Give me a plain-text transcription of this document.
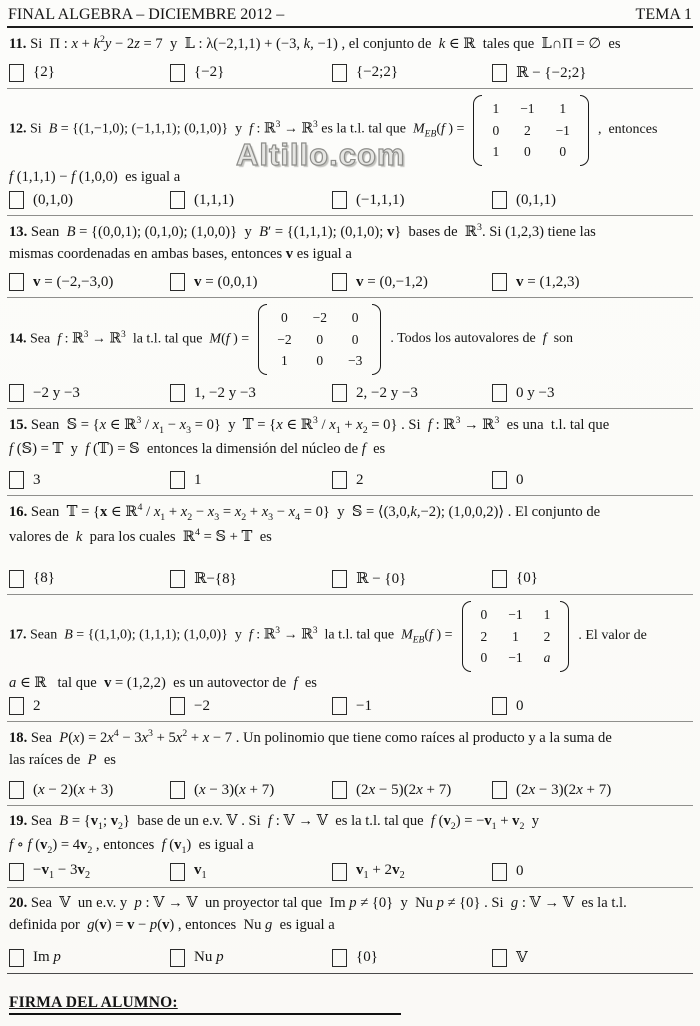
FINAL ALGEBRA – DICIEMBRE 2012 –	TEMA 1
Altillo.com
11. Si  Π : $x + k^2y - 2z = 7$  y  𝕃 : λ(−2,1,1) + (−3, k, −1) , el conjunto de  k ∈ ℝ  tales que  𝕃∩Π = ∅  es
{2}	{−2}	{−2;2}	ℝ − {−2;2}
12. Si  B = {(1,−1,0); (−1,1,1); (0,1,0)}  y  f : ℝ$^3$ → ℝ$^3$ es la t.l. tal que  $M_{EB}(f$ ) =
1 −1 1
0 2 −1
1 0 0
,  entonces
f (1,1,1) − f (1,0,0)  es igual a
(0,1,0)	(1,1,1)	(−1,1,1)	(0,1,1)
13. Sean  B = {(0,0,1); (0,1,0); (1,0,0)}  y  B′ = {(1,1,1); (0,1,0); v}  bases de  ℝ$^3$. Si (1,2,3) tiene las
mismas coordenadas en ambas bases, entonces v es igual a
v = (−2,−3,0)	v = (0,0,1)	v = (0,−1,2)	v = (1,2,3)
14. Sea  f : ℝ$^3$ → ℝ$^3$  la t.l. tal que  M(f ) =
0 −2 0
−2 0 0
1 0 −3
. Todos los autovalores de  f  son
−2 y −3	1, −2 y −3	2, −2 y −3	0 y −3
15. Sean  𝕊 = {x ∈ ℝ$^3$ / $x_1 - x_3 = 0$}  y  𝕋 = {x ∈ ℝ$^3$ / $x_1 + x_2 = 0$} . Si  f : ℝ$^3$ → ℝ$^3$  es una  t.l. tal que
f (𝕊) = 𝕋  y  f (𝕋) = 𝕊  entonces la dimensión del núcleo de f  es
3	1	2	0
16. Sean  𝕋 = {x ∈ ℝ$^4$ / $x_1 + x_2 - x_3 = x_2 + x_3 - x_4 = 0$}  y  𝕊 = ⟨(3,0,k,−2); (1,0,0,2)⟩ . El conjunto de
valores de  k  para los cuales  ℝ$^4$ = 𝕊 + 𝕋  es
{8}	ℝ−{8}	ℝ − {0}	{0}
17. Sean  B = {(1,1,0); (1,1,1); (1,0,0)}  y  f : ℝ$^3$ → ℝ$^3$  la t.l. tal que  $M_{EB}(f$ ) =
0 −1 1
2 1 2
0 −1 a
. El valor de
a ∈ ℝ   tal que  v = (1,2,2)  es un autovector de  f  es
2	−2	−1	0
18. Sea  $P(x) = 2x^4 - 3x^3 + 5x^2 + x - 7$ . Un polinomio que tiene como raíces al producto y a la suma de
las raíces de  P  es
(x − 2)(x + 3)	(x − 3)(x + 7)	(2x − 5)(2x + 7)	(2x − 3)(2x + 7)
19. Sea  $B = \{v_1$; $v_2$}  base de un e.v. 𝕍 . Si  f : 𝕍 → 𝕍  es la t.l. tal que  f $(v_2) = -v_1 + v_2$  y
f ∘ f $(v_2) = 4v_2$ , entonces  f $(v_1)$  es igual a
$-v_1 - 3v_2$	$v_1$	$v_1 + 2v_2$	0
20. Sea  𝕍  un e.v. y  p : 𝕍 → 𝕍  un proyector tal que  Im p ≠ {0}  y  Nu p ≠ {0} . Si  g : 𝕍 → 𝕍  es la t.l.
definida por  g(v) = v − p(v) , entonces  Nu g  es igual a
Im p	Nu p	{0}	𝕍
FIRMA DEL ALUMNO:
